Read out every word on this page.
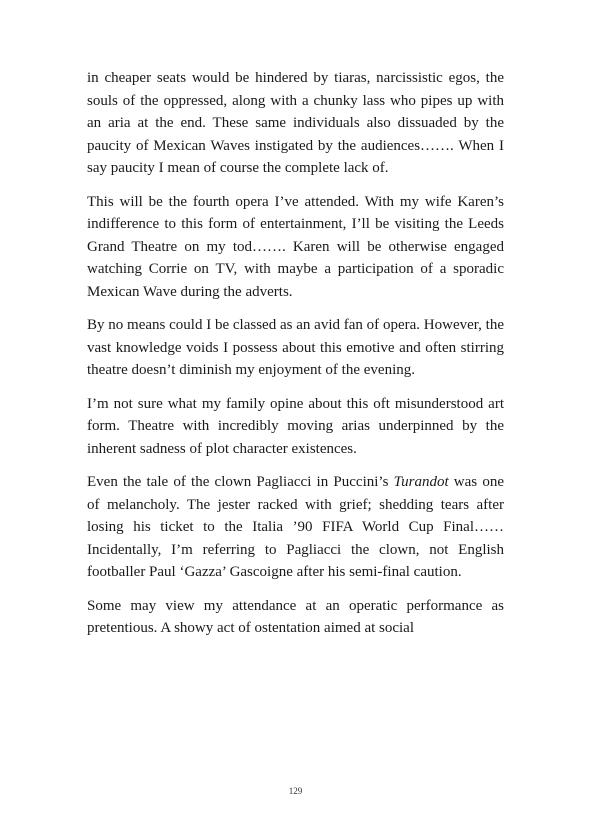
in cheaper seats would be hindered by tiaras, narcissistic egos, the souls of the oppressed, along with a chunky lass who pipes up with an aria at the end. These same individuals also dissuaded by the paucity of Mexican Waves instigated by the audiences……. When I say paucity I mean of course the complete lack of.

This will be the fourth opera I’ve attended. With my wife Karen’s indifference to this form of entertainment, I’ll be visiting the Leeds Grand Theatre on my tod……. Karen will be otherwise engaged watching Corrie on TV, with maybe a participation of a sporadic Mexican Wave during the adverts.

By no means could I be classed as an avid fan of opera. However, the vast knowledge voids I possess about this emotive and often stirring theatre doesn’t diminish my enjoyment of the evening.

I’m not sure what my family opine about this oft misunderstood art form. Theatre with incredibly moving arias underpinned by the inherent sadness of plot character existences.

Even the tale of the clown Pagliacci in Puccini’s Turandot was one of melancholy. The jester racked with grief; shedding tears after losing his ticket to the Italia ’90 FIFA World Cup Final…… Incidentally, I’m referring to Pagliacci the clown, not English footballer Paul ‘Gazza’ Gascoigne after his semi-final caution.

Some may view my attendance at an operatic performance as pretentious. A showy act of ostentation aimed at social

129
